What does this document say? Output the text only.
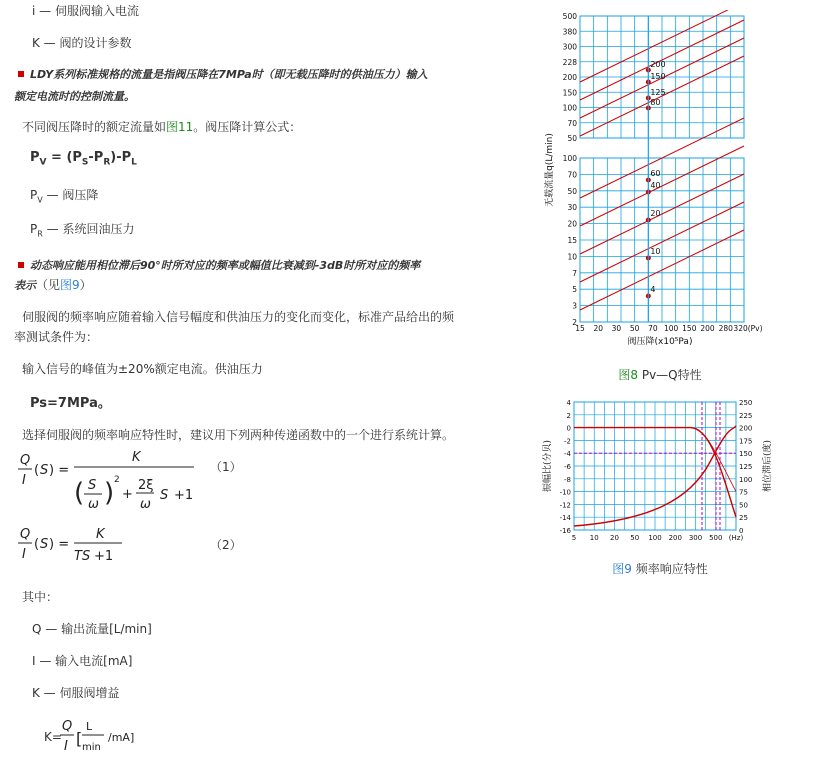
i — 伺服阀输入电流
K — 阀的设计参数
LDY系列标准规格的流量是指阀压降在7MPa时（即无载压降时的供油压力）输入
额定电流时的控制流量。
不同阀压降时的额定流量如图11。阀压降计算公式：
$P_V = (P_S-P_R)-P_L$
$P_V$ — 阀压降
$P_R$ — 系统回油压力
动态响应能用相位滞后90°时所对应的频率或幅值比衰减到-3dB时所对应的频率
表示（见图9）
伺服阀的频率响应随着输入信号幅度和供油压力的变化而变化，标准产品给出的频
率测试条件为：
输入信号的峰值为±20%额定电流。供油压力
Ps=7MPa。
选择伺服阀的频率响应特性时，建议用下列两种传递函数中的一个进行系统计算。
Q
I
( S ) =
K
( S
ω ) 2
+
2ξ
ω
S +1
（1）
Q
I
( S ) =
K
TS +1
（2）
其中：
Q — 输出流量[L/min]
I — 输入电流[mA]
K — 伺服阀增益
K=
Q
I [
L
min
/mA]
500
380
300
228
200
150
100
70
50
100
70
50
30
20
15
10
7
5
3
2
200
150
125
80
60
40
20
10
4
15 20 30 50 70 100 150 200 280 320(Pv)
阀压降(x10⁵Pa)
无载流量q(L/min)
图8 Pv—Q特性
4	250
2	225
0	200
-2	175
-4	150
-6	125
-8	100
-10	75
-12	50
-14	25
-16	0
5 10 20 50 100 200 300 500 (Hz)
振幅比(分贝)	相位滞后(度)
图9 频率响应特性
